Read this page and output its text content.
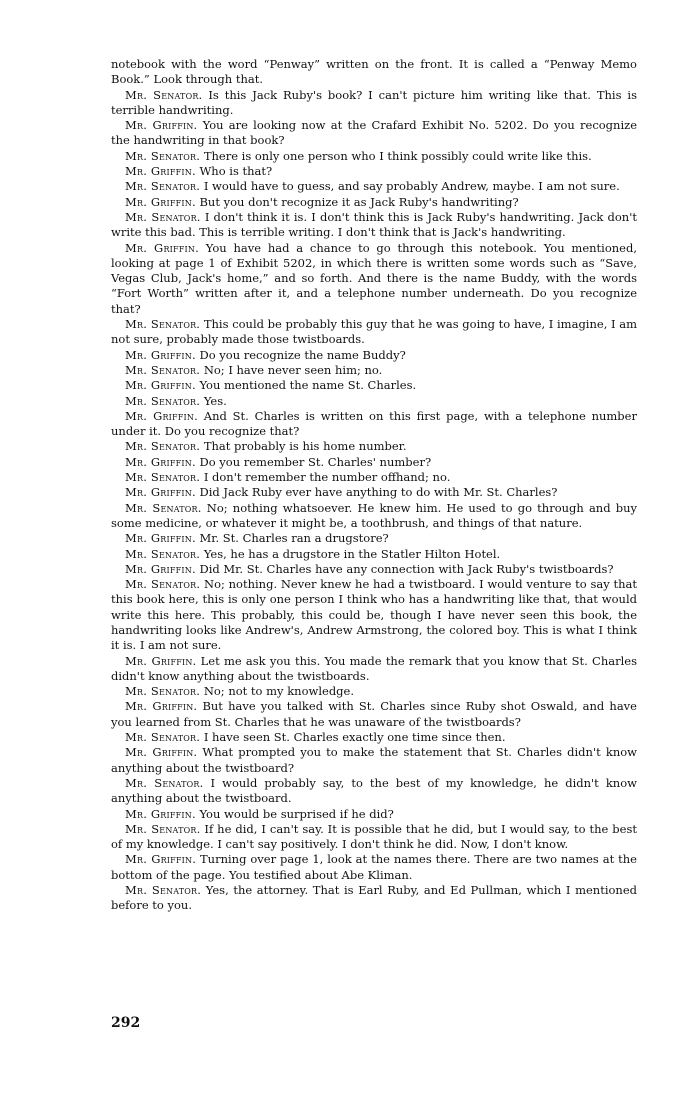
notebook with the word “Penway” written on the front. It is called a “Penway Memo Book.” Look through that.

Mr. Senator. Is this Jack Ruby's book? I can't picture him writing like that. This is terrible handwriting.

Mr. Griffin. You are looking now at the Crafard Exhibit No. 5202. Do you recognize the handwriting in that book?

Mr. Senator. There is only one person who I think possibly could write like this.

Mr. Griffin. Who is that?

Mr. Senator. I would have to guess, and say probably Andrew, maybe. I am not sure.

Mr. Griffin. But you don't recognize it as Jack Ruby's handwriting?

Mr. Senator. I don't think it is. I don't think this is Jack Ruby's handwriting. Jack don't write this bad. This is terrible writing. I don't think that is Jack's handwriting.

Mr. Griffin. You have had a chance to go through this notebook. You mentioned, looking at page 1 of Exhibit 5202, in which there is written some words such as “Save, Vegas Club, Jack's home,” and so forth. And there is the name Buddy, with the words “Fort Worth” written after it, and a telephone number underneath. Do you recognize that?

Mr. Senator. This could be probably this guy that he was going to have, I imagine, I am not sure, probably made those twistboards.

Mr. Griffin. Do you recognize the name Buddy?

Mr. Senator. No; I have never seen him; no.

Mr. Griffin. You mentioned the name St. Charles.

Mr. Senator. Yes.

Mr. Griffin. And St. Charles is written on this first page, with a telephone number under it. Do you recognize that?

Mr. Senator. That probably is his home number.

Mr. Griffin. Do you remember St. Charles' number?

Mr. Senator. I don't remember the number offhand; no.

Mr. Griffin. Did Jack Ruby ever have anything to do with Mr. St. Charles?

Mr. Senator. No; nothing whatsoever. He knew him. He used to go through and buy some medicine, or whatever it might be, a toothbrush, and things of that nature.

Mr. Griffin. Mr. St. Charles ran a drugstore?

Mr. Senator. Yes, he has a drugstore in the Statler Hilton Hotel.

Mr. Griffin. Did Mr. St. Charles have any connection with Jack Ruby's twistboards?

Mr. Senator. No; nothing. Never knew he had a twistboard. I would venture to say that this book here, this is only one person I think who has a handwriting like that, that would write this here. This probably, this could be, though I have never seen this book, the handwriting looks like Andrew's, Andrew Armstrong, the colored boy. This is what I think it is. I am not sure.

Mr. Griffin. Let me ask you this. You made the remark that you know that St. Charles didn't know anything about the twistboards.

Mr. Senator. No; not to my knowledge.

Mr. Griffin. But have you talked with St. Charles since Ruby shot Oswald, and have you learned from St. Charles that he was unaware of the twistboards?

Mr. Senator. I have seen St. Charles exactly one time since then.

Mr. Griffin. What prompted you to make the statement that St. Charles didn't know anything about the twistboard?

Mr. Senator. I would probably say, to the best of my knowledge, he didn't know anything about the twistboard.

Mr. Griffin. You would be surprised if he did?

Mr. Senator. If he did, I can't say. It is possible that he did, but I would say, to the best of my knowledge. I can't say positively. I don't think he did. Now, I don't know.

Mr. Griffin. Turning over page 1, look at the names there. There are two names at the bottom of the page. You testified about Abe Kliman.

Mr. Senator. Yes, the attorney. That is Earl Ruby, and Ed Pullman, which I mentioned before to you.

292
